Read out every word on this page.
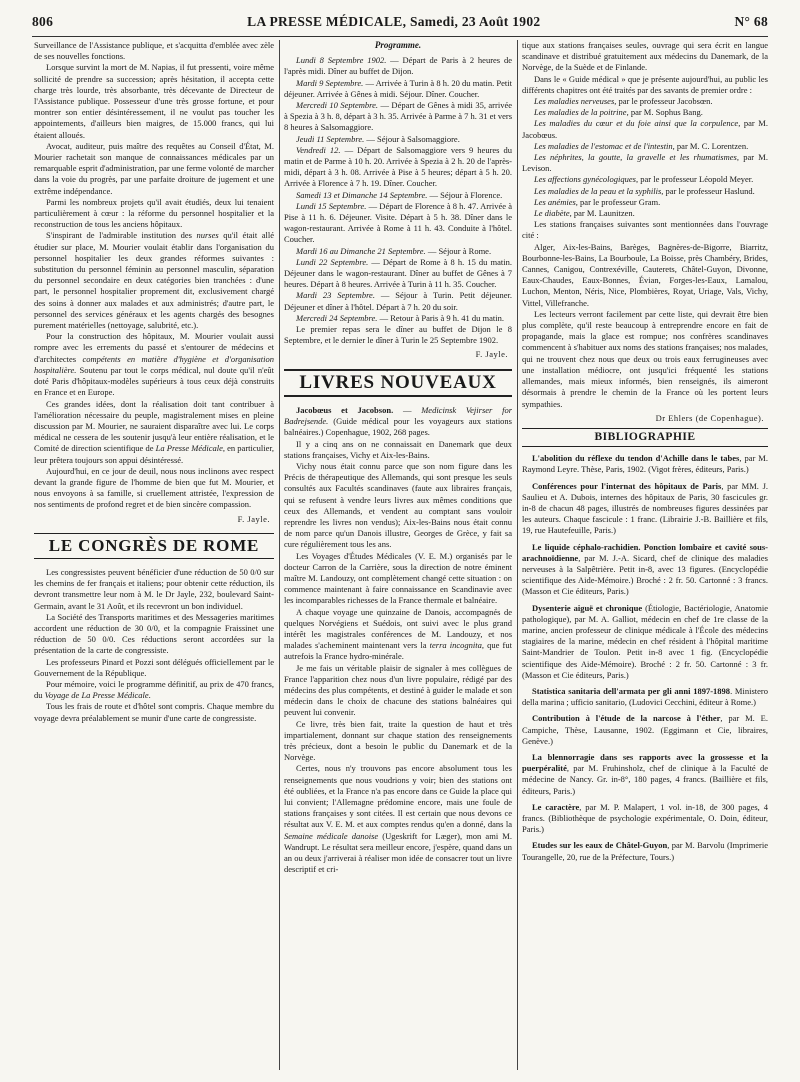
806	LA PRESSE MÉDICALE, Samedi, 23 Août 1902	N° 68

Surveillance de l'Assistance publique, et s'acquitta d'emblée avec zèle de ses nouvelles fonctions.

Lorsque survint la mort de M. Napias, il fut pressenti, voire même sollicité de prendre sa succession; après hésitation, il accepta cette charge très lourde, très absorbante, très décevante de Directeur de l'Assistance publique. Possesseur d'une très grosse fortune, et pour montrer son entier désintéressement, il ne voulut pas toucher les appointements, d'ailleurs bien maigres, de 15.000 francs, qui lui étaient alloués.

Avocat, auditeur, puis maître des requêtes au Conseil d'État, M. Mourier rachetait son manque de connaissances médicales par un remarquable esprit d'administration, par une ferme volonté de marcher dans la voie du progrès, par une parfaite droiture de jugement et une extrême indépendance.

Parmi les nombreux projets qu'il avait étudiés, deux lui tenaient particulièrement à cœur : la réforme du personnel hospitalier et la reconstruction de tous les anciens hôpitaux.

S'inspirant de l'admirable institution des nurses qu'il était allé étudier sur place, M. Mourier voulait établir dans l'organisation du personnel hospitalier les deux grandes réformes suivantes : substitution du personnel féminin au personnel masculin, séparation du personnel secondaire en deux catégories bien tranchées : d'une part, le personnel hospitalier proprement dit, exclusivement chargé des soins à donner aux malades et aux administrés; d'autre part, le personnel des services généraux et les agents chargés des besognes purement matérielles (nettoyage, salubrité, etc.).

Pour la construction des hôpitaux, M. Mourier voulait aussi rompre avec les errements du passé et s'entourer de médecins et d'architectes compétents en matière d'hygiène et d'organisation hospitalière. Soutenu par tout le corps médical, nul doute qu'il n'eût doté Paris d'hôpitaux-modèles supérieurs à tous ceux déjà construits en France et en Europe.

Ces grandes idées, dont la réalisation doit tant contribuer à l'amélioration nécessaire du peuple, magistralement mises en pleine discussion par M. Mourier, ne sauraient disparaître avec lui. Le corps médical ne cessera de les soutenir jusqu'à leur entière réalisation, et le Comité de direction scientifique de La Presse Médicale, en particulier, leur prêtera toujours son appui désintéressé.

Aujourd'hui, en ce jour de deuil, nous nous inclinons avec respect devant la grande figure de l'homme de bien que fut M. Mourier, et nous envoyons à sa famille, si cruellement attristée, l'expression de nos sentiments de profond regret et de bien sincère compassion.

F. Jayle.
LE CONGRÈS DE ROME

Les congressistes peuvent bénéficier d'une réduction de 50 0/0 sur les chemins de fer français et italiens; pour obtenir cette réduction, ils devront transmettre leur nom à M. le Dr Jayle, 232, boulevard Saint-Germain, avant le 31 Août, et ils recevront un bon individuel.

La Société des Transports maritimes et des Messageries maritimes accordent une réduction de 30 0/0, et la compagnie Fraissinet une réduction de 50 0/0. Ces réductions seront accordées sur la présentation de la carte de congressiste.

Les professeurs Pinard et Pozzi sont délégués officiellement par le Gouvernement de la République.

Pour mémoire, voici le programme définitif, au prix de 470 francs, du Voyage de La Presse Médicale.

Tous les frais de route et d'hôtel sont compris. Chaque membre du voyage devra préalablement se munir d'une carte de congressiste.

Programme.

Lundi 8 Septembre 1902. — Départ de Paris à 2 heures de l'après midi. Dîner au buffet de Dijon.

Mardi 9 Septembre. — Arrivée à Turin à 8 h. 20 du matin. Petit déjeuner. Arrivée à Gênes à midi. Séjour. Dîner. Coucher.

Mercredi 10 Septembre. — Départ de Gênes à midi 35, arrivée à Spezia à 3 h. 8, départ à 3 h. 35. Arrivée à Parme à 7 h. 31 et vers 8 heures à Salsomaggiore.

Jeudi 11 Septembre. — Séjour à Salsomaggiore.

Vendredi 12. — Départ de Salsomaggiore vers 9 heures du matin et de Parme à 10 h. 20. Arrivée à Spezia à 2 h. 20 de l'après-midi, départ à 3 h. 08. Arrivée à Pise à 5 heures; départ à 5 h. 20. Arrivée à Florence à 7 h. 19. Dîner. Coucher.

Samedi 13 et Dimanche 14 Septembre. — Séjour à Florence.

Lundi 15 Septembre. — Départ de Florence à 8 h. 47. Arrivée à Pise à 11 h. 6. Déjeuner. Visite. Départ à 5 h. 38. Dîner dans le wagon-restaurant. Arrivée à Rome à 11 h. 43. Conduite à l'hôtel. Coucher.

Mardi 16 au Dimanche 21 Septembre. — Séjour à Rome.

Lundi 22 Septembre. — Départ de Rome à 8 h. 15 du matin. Déjeuner dans le wagon-restaurant. Dîner au buffet de Gênes à 7 heures. Départ à 8 heures. Arrivée à Turin à 11 h. 35. Coucher.

Mardi 23 Septembre. — Séjour à Turin. Petit déjeuner. Déjeuner et dîner à l'hôtel. Départ à 7 h. 20 du soir.

Mercredi 24 Septembre. — Retour à Paris à 9 h. 41 du matin.

Le premier repas sera le dîner au buffet de Dijon le 8 Septembre, et le dernier le dîner à Turin le 25 Septembre 1902.

F. Jayle.
LIVRES NOUVEAUX

Jacobœus et Jacobson. — Medicinsk Vejirser for Badrejsende. (Guide médical pour les voyageurs aux stations balnéaires.) Copenhague, 1902, 268 pages.

Il y a cinq ans on ne connaissait en Danemark que deux stations françaises, Vichy et Aix-les-Bains.

Vichy nous était connu parce que son nom figure dans les Précis de thérapeutique des Allemands, qui sont presque les seuls consultés aux Facultés scandinaves (faute aux libraires français, qui se refusent à vendre leurs livres aux mêmes conditions que ceux des Allemands, et vendent au comptant sans vouloir reprendre les livres non vendus); Aix-les-Bains nous était connu de nom parce qu'un Danois illustre, Georges de Grèce, y fait sa cure régulièrement tous les ans.

Les Voyages d'Études Médicales (V. E. M.) organisés par le docteur Carron de la Carrière, sous la direction de notre éminent maître M. Landouzy, ont complètement changé cette situation : on commence maintenant à faire connaissance en Scandinavie avec les incomparables richesses de la France thermale et balnéaire.

A chaque voyage une quinzaine de Danois, accompagnés de quelques Norvégiens et Suédois, ont suivi avec le plus grand intérêt les magistrales conférences de M. Landouzy, et nos malades s'acheminent maintenant vers la terra incognita, que fut autrefois la France hydro-minérale.

Je me fais un véritable plaisir de signaler à mes collègues de France l'apparition chez nous d'un livre populaire, rédigé par des médecins des plus compétents, et destiné à guider le malade et son médecin dans le choix de chacune des stations balnéaires qui peuvent lui convenir.

Ce livre, très bien fait, traite la question de haut et très impartialement, donnant sur chaque station des renseignements très précieux, dont a besoin le public du Danemark et de la Norvège.

Certes, nous n'y trouvons pas encore absolument tous les renseignements que nous voudrions y voir; bien des stations ont été oubliées, et la France n'a pas encore dans ce Guide la place qui lui convient; l'Allemagne prédomine encore, mais une foule de stations françaises y sont citées. Il est certain que nous devons ce résultat aux V. E. M. et aux comptes rendus qu'en a donné, dans la Semaine médicale danoise (Ugeskrift for Læger), mon ami M. Wandrupt. Le résultat sera meilleur encore, j'espère, quand dans un an ou deux j'arriverai à réaliser mon idée de consacrer tout un livre descriptif et cri-

tique aux stations françaises seules, ouvrage qui sera écrit en langue scandinave et distribué gratuitement aux médecins du Danemark, de la Norvège, de la Suède et de Finlande.

Dans le « Guide médical » que je présente aujourd'hui, au public les différents chapitres ont été traités par des savants de premier ordre :

Les maladies nerveuses, par le professeur Jacobsœn.

Les maladies de la poitrine, par M. Sophus Bang.

Les maladies du cœur et du foie ainsi que la corpulence, par M. Jacobœus.

Les maladies de l'estomac et de l'intestin, par M. C. Lorentzen.

Les néphrites, la goutte, la gravelle et les rhumatismes, par M. Levison.

Les affections gynécologiques, par le professeur Léopold Meyer.

Les maladies de la peau et la syphilis, par le professeur Haslund.

Les anémies, par le professeur Gram.

Le diabète, par M. Launitzen.

Les stations françaises suivantes sont mentionnées dans l'ouvrage cité :

Alger, Aix-les-Bains, Barèges, Bagnères-de-Bigorre, Biarritz, Bourbonne-les-Bains, La Bourboule, La Boisse, près Chambéry, Brides, Cannes, Canigou, Contrexéville, Cauterets, Châtel-Guyon, Divonne, Eaux-Chaudes, Eaux-Bonnes, Évian, Forges-les-Eaux, Lamalou, Luchon, Menton, Néris, Nice, Plombières, Royat, Uriage, Vals, Vichy, Vittel, Villefranche.

Les lecteurs verront facilement par cette liste, qui devrait être bien plus complète, qu'il reste beaucoup à entreprendre encore en fait de propagande, mais la glace est rompue; nos confrères scandinaves commencent à s'habituer aux noms des stations françaises; nos malades, qui ne trouvent chez nous que deux ou trois eaux ferrugineuses avec une installation médiocre, ont jusqu'ici fréquenté les stations allemandes, mais mieux informés, bien renseignés, ils aimeront désormais à prendre le chemin de la France où les portent leurs sympathies.

Dr Ehlers (de Copenhague).
BIBLIOGRAPHIE

L'abolition du réflexe du tendon d'Achille dans le tabes, par M. Raymond Leyre. Thèse, Paris, 1902. (Vigot frères, éditeurs, Paris.)

Conférences pour l'internat des hôpitaux de Paris, par MM. J. Saulieu et A. Dubois, internes des hôpitaux de Paris, 30 fascicules gr. in-8 de chacun 48 pages, illustrés de nombreuses figures dessinées par les auteurs. Chaque fascicule : 1 franc. (Librairie J.-B. Baillière et fils, 19, rue Hautefeuille, Paris.)

Le liquide céphalo-rachidien. Ponction lombaire et cavité sous-arachnoïdienne, par M. J.-A. Sicard, chef de clinique des maladies nerveuses à la Salpêtrière. Petit in-8, avec 13 figures. (Encyclopédie scientifique des Aide-Mémoire.) Broché : 2 fr. 50. Cartonné : 3 francs. (Masson et Cie éditeurs, Paris.)

Dysenterie aiguë et chronique (Étiologie, Bactériologie, Anatomie pathologique), par M. A. Galliot, médecin en chef de 1re classe de la marine, ancien professeur de clinique médicale à l'École des médecins stagiaires de la marine, médecin en chef résident à l'hôpital maritime Saint-Mandrier de Toulon. Petit in-8 avec 1 fig. (Encyclopédie scientifique des Aide-Mémoire). Broché : 2 fr. 50. Cartonné : 3 fr. (Masson et Cie éditeurs, Paris.)

Statistica sanitaria dell'armata per gli anni 1897-1898. Ministero della marina ; ufficio sanitario, (Ludovici Cecchini, éditeur à Rome.)

Contribution à l'étude de la narcose à l'éther, par M. E. Campiche, Thèse, Lausanne, 1902. (Eggimann et Cie, libraires, Genève.)

La blennorragie dans ses rapports avec la grossesse et la puerpéralité, par M. Fruhinsholz, chef de clinique à la Faculté de médecine de Nancy. Gr. in-8°, 180 pages, 4 francs. (Baillière et fils, éditeurs, Paris.)

Le caractère, par M. P. Malapert, 1 vol. in-18, de 300 pages, 4 francs. (Bibliothèque de psychologie expérimentale, O. Doin, éditeur, Paris.)

Etudes sur les eaux de Châtel-Guyon, par M. Barvolu (Imprimerie Tourangelle, 20, rue de la Préfecture, Tours.)
